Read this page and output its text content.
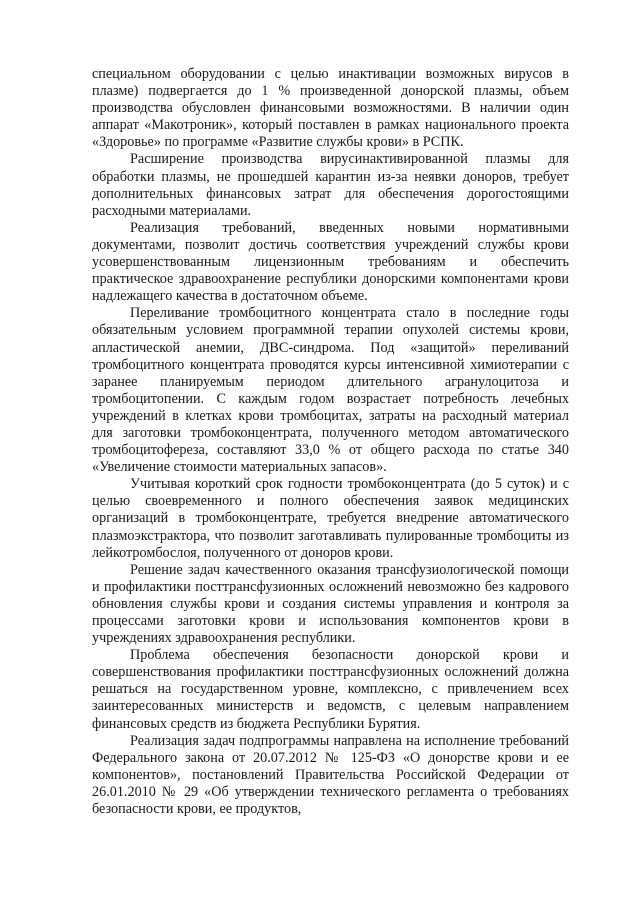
специальном оборудовании с целью инактивации возможных вирусов в плазме) подвергается до 1 % произведенной донорской плазмы, объем производства обусловлен финансовыми возможностями. В наличии один аппарат «Макотроник», который поставлен в рамках национального проекта «Здоровье» по программе «Развитие службы крови» в РСПК.

Расширение производства вирусинактивированной плазмы для обработки плазмы, не прошедшей карантин из-за неявки доноров, требует дополнительных финансовых затрат для обеспечения дорогостоящими расходными материалами.

Реализация требований, введенных новыми нормативными документами, позволит достичь соответствия учреждений службы крови усовершенствованным лицензионным требованиям и обеспечить практическое здравоохранение республики донорскими компонентами крови надлежащего качества в достаточном объеме.

Переливание тромбоцитного концентрата стало в последние годы обязательным условием программной терапии опухолей системы крови, апластической анемии, ДВС-синдрома. Под «защитой» переливаний тромбоцитного концентрата проводятся курсы интенсивной химиотерапии с заранее планируемым периодом длительного агранулоцитоза и тромбоцитопении. С каждым годом возрастает потребность лечебных учреждений в клетках крови тромбоцитах, затраты на расходный материал для заготовки тромбоконцентрата, полученного методом автоматического тромбоцитофереза, составляют 33,0 % от общего расхода по статье 340 «Увеличение стоимости материальных запасов».

Учитывая короткий срок годности тромбоконцентрата (до 5 суток) и с целью своевременного и полного обеспечения заявок медицинских организаций в тромбоконцентрате, требуется внедрение автоматического плазмоэкстрактора, что позволит заготавливать пулированные тромбоциты из лейкотромбослоя, полученного от доноров крови.

Решение задач качественного оказания трансфузиологической помощи и профилактики посттрансфузионных осложнений невозможно без кадрового обновления службы крови и создания системы управления и контроля за процессами заготовки крови и использования компонентов крови в учреждениях здравоохранения республики.

Проблема обеспечения безопасности донорской крови и совершенствования профилактики посттрансфузионных осложнений должна решаться на государственном уровне, комплексно, с привлечением всех заинтересованных министерств и ведомств, с целевым направлением финансовых средств из бюджета Республики Бурятия.

Реализация задач подпрограммы направлена на исполнение требований Федерального закона от 20.07.2012 № 125-ФЗ «О донорстве крови и ее компонентов», постановлений Правительства Российской Федерации от 26.01.2010 № 29 «Об утверждении технического регламента о требованиях безопасности крови, ее продуктов,
